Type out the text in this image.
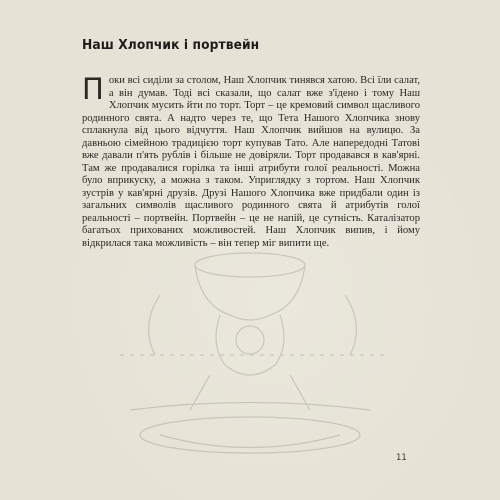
Наш Хлопчик і портвейн

Поки всі сиділи за столом, Наш Хлопчик тинявся хатою. Всі їли салат, а він думав. Тоді всі сказали, що салат вже з'їдено і тому Наш Хлопчик мусить йти по торт. Торт – це кремовий символ щасливого родинного свята. А надто через те, що Тета Нашого Хлопчика знову сплакнула від цього відчуття. Наш Хлопчик вийшов на вулицю. За давньою сімейною традицією торт купував Тато. Але напередодні Татові вже давали п'ять рублів і більше не довіряли. Торт продавався в кав'ярні. Там же продавалися горілка та інші атрибути голої реальності. Можна було вприкуску, а можна з таком. Уприглядку з тортом. Наш Хлопчик зустрів у кав'ярні друзів. Друзі Нашого Хлопчика вже придбали один із загальних символів щасливого родинного свята й атрибутів голої реальності – портвейн. Портвейн – це не напій, це сутність. Каталізатор багатьох прихованих можливостей. Наш Хлопчик випив, і йому відкрилася така можливість – він тепер міг випити ще.

11
